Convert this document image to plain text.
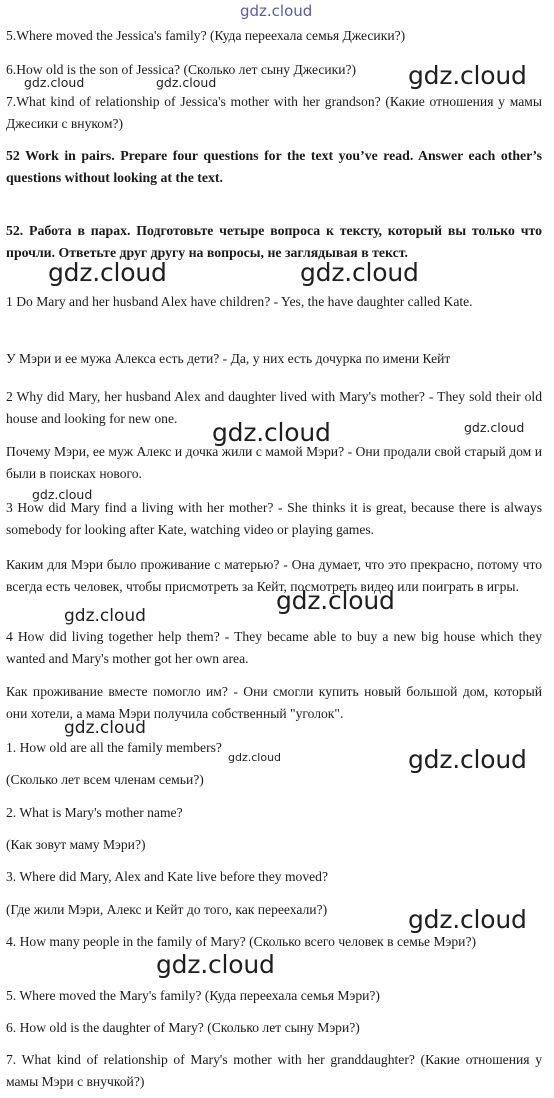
5.Where moved the Jessica's family? (Куда переехала семья Джесики?)

6.How old is the son of Jessica? (Сколько лет сыну Джесики?)

7.What kind of relationship of Jessica's mother with her grandson? (Какие отношения у мамы Джесики с внуком?)

52 Work in pairs. Prepare four questions for the text you’ve read. Answer each other’s questions without looking at the text.

52. Работа в парах. Подготовьте четыре вопроса к тексту, который вы только что прочли. Ответьте друг другу на вопросы, не заглядывая в текст.

1 Do Mary and her husband Alex have children? - Yes, the have daughter called Kate.

У Мэри и ее мужа Алекса есть дети? - Да, у них есть дочурка по имени Кейт

2 Why did Mary, her husband Alex and daughter lived with Mary's mother? - They sold their old house and looking for new one.

Почему Мэри, ее муж Алекс и дочка жили с мамой Мэри? - Они продали свой старый дом и были в поисках нового.

3 How did Mary find a living with her mother? - She thinks it is great, because there is always somebody for looking after Kate, watching video or playing games.

Каким для Мэри было проживание с матерью? - Она думает, что это прекрасно, потому что всегда есть человек, чтобы присмотреть за Кейт, посмотреть видео или поиграть в игры.

4 How did living together help them? - They became able to buy a new big house which they wanted and Mary's mother got her own area.

Как проживание вместе помогло им? - Они смогли купить новый большой дом, который они хотели, а мама Мэри получила собственный "уголок".

1. How old are all the family members?

(Сколько лет всем членам семьи?)

2. What is Mary's mother name?

(Как зовут маму Мэри?)

3. Where did Mary, Alex and Kate live before they moved?

(Где жили Мэри, Алекс и Кейт до того, как переехали?)

4. How many people in the family of Mary? (Сколько всего человек в семье Мэри?)

5. Where moved the Mary's family? (Куда переехала семья Мэри?)

6. How old is the daughter of Mary? (Сколько лет сыну Мэри?)

7. What kind of relationship of Mary's mother with her granddaughter? (Какие отношения у мамы Мэри с внучкой?)

gdz.cloud
gdz.cloud	gdz.cloud	gdz.cloud
gdz.cloud	gdz.cloud
gdz.cloud	gdz.cloud
gdz.cloud
gdz.cloud
gdz.cloud
gdz.cloud
gdz.cloud	gdz.cloud
gdz.cloud
gdz.cloud
